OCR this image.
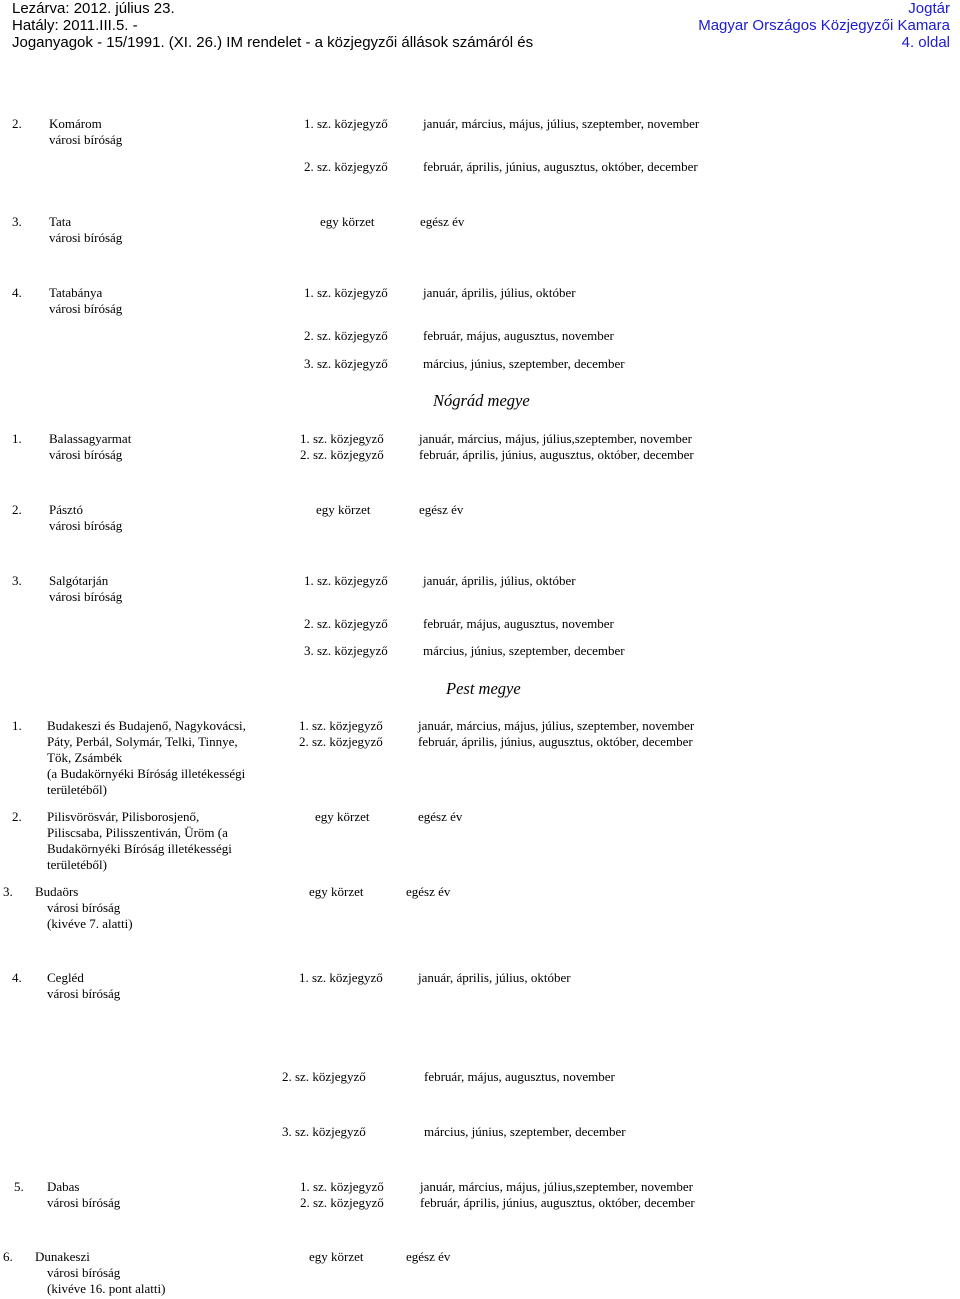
Lezárva: 2012. július 23.
Hatály: 2011.III.5. -
Joganyagok - 15/1991. (XI. 26.) IM rendelet - a közjegyzői állások számáról és
Jogtár
Magyar Országos Közjegyzői Kamara
4. oldal
2. Komárom
városi bíróság
1. sz. közjegyző	január, március, május, július, szeptember, november
2. sz. közjegyző	február, április, június, augusztus, október, december
3. Tata
városi bíróság
egy körzet	egész év
4. Tatabánya
városi bíróság
1. sz. közjegyző	január, április, július, október
2. sz. közjegyző	február, május, augusztus, november
3. sz. közjegyző	március, június, szeptember, december
Nógrád megye
1. Balassagyarmat
városi bíróság
1. sz. közjegyző	január, március, május, július,szeptember, november
2. sz. közjegyző	február, április, június, augusztus, október, december
2. Pásztó
városi bíróság
egy körzet	egész év
3. Salgótarján
városi bíróság
1. sz. közjegyző	január, április, július, október
2. sz. közjegyző	február, május, augusztus, november
3. sz. közjegyző	március, június, szeptember, december
Pest megye
1. Budakeszi és Budajenő, Nagykovácsi,
Páty, Perbál, Solymár, Telki, Tinnye,
Tök, Zsámbék
(a Budakörnyéki Bíróság illetékességi
területéből)
1. sz. közjegyző	január, március, május, július, szeptember, november
2. sz. közjegyző	február, április, június, augusztus, október, december
2. Pilisvörösvár, Pilisborosjenő,
Piliscsaba, Pilisszentiván, Üröm (a
Budakörnyéki Bíróság illetékességi
területéből)
egy körzet	egész év
3. Budaörs
városi bíróság
(kivéve 7. alatti)
egy körzet	egész év
4. Cegléd
városi bíróság
1. sz. közjegyző	január, április, július, október
2. sz. közjegyző	február, május, augusztus, november
3. sz. közjegyző	március, június, szeptember, december
5. Dabas
városi bíróság
1. sz. közjegyző	január, március, május, július,szeptember, november
2. sz. közjegyző	február, április, június, augusztus, október, december
6. Dunakeszi
városi bíróság
(kivéve 16. pont alatti)
egy körzet	egész év
